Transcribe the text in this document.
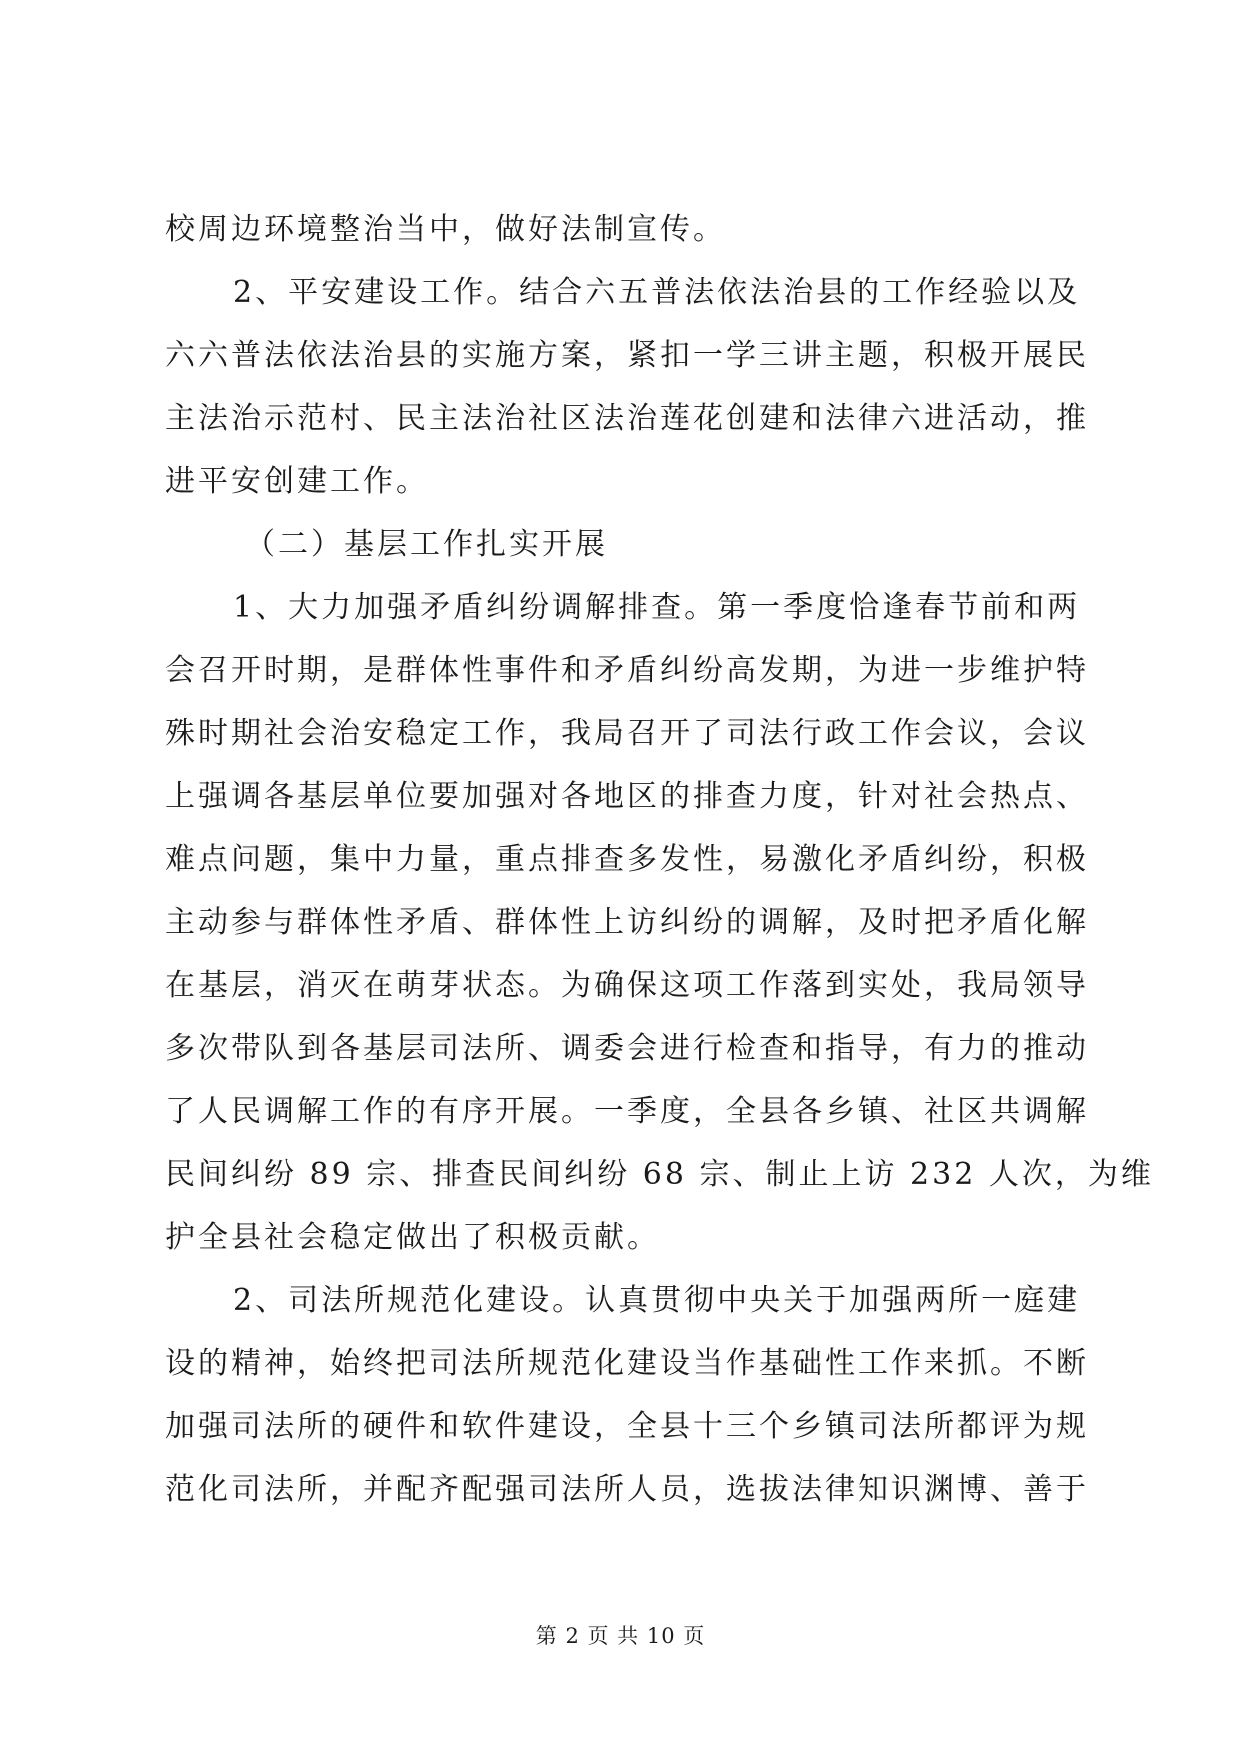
校周边环境整治当中，做好法制宣传。
2、平安建设工作。结合六五普法依法治县的工作经验以及
六六普法依法治县的实施方案，紧扣一学三讲主题，积极开展民
主法治示范村、民主法治社区法治莲花创建和法律六进活动，推
进平安创建工作。
（二）基层工作扎实开展
1、大力加强矛盾纠纷调解排查。第一季度恰逢春节前和两
会召开时期，是群体性事件和矛盾纠纷高发期，为进一步维护特
殊时期社会治安稳定工作，我局召开了司法行政工作会议，会议
上强调各基层单位要加强对各地区的排查力度，针对社会热点、
难点问题，集中力量，重点排查多发性，易激化矛盾纠纷，积极
主动参与群体性矛盾、群体性上访纠纷的调解，及时把矛盾化解
在基层，消灭在萌芽状态。为确保这项工作落到实处，我局领导
多次带队到各基层司法所、调委会进行检查和指导，有力的推动
了人民调解工作的有序开展。一季度，全县各乡镇、社区共调解
民间纠纷 89 宗、排查民间纠纷 68 宗、制止上访 232 人次，为维
护全县社会稳定做出了积极贡献。
2、司法所规范化建设。认真贯彻中央关于加强两所一庭建
设的精神，始终把司法所规范化建设当作基础性工作来抓。不断
加强司法所的硬件和软件建设，全县十三个乡镇司法所都评为规
范化司法所，并配齐配强司法所人员，选拔法律知识渊博、善于
第 2 页 共 10 页
